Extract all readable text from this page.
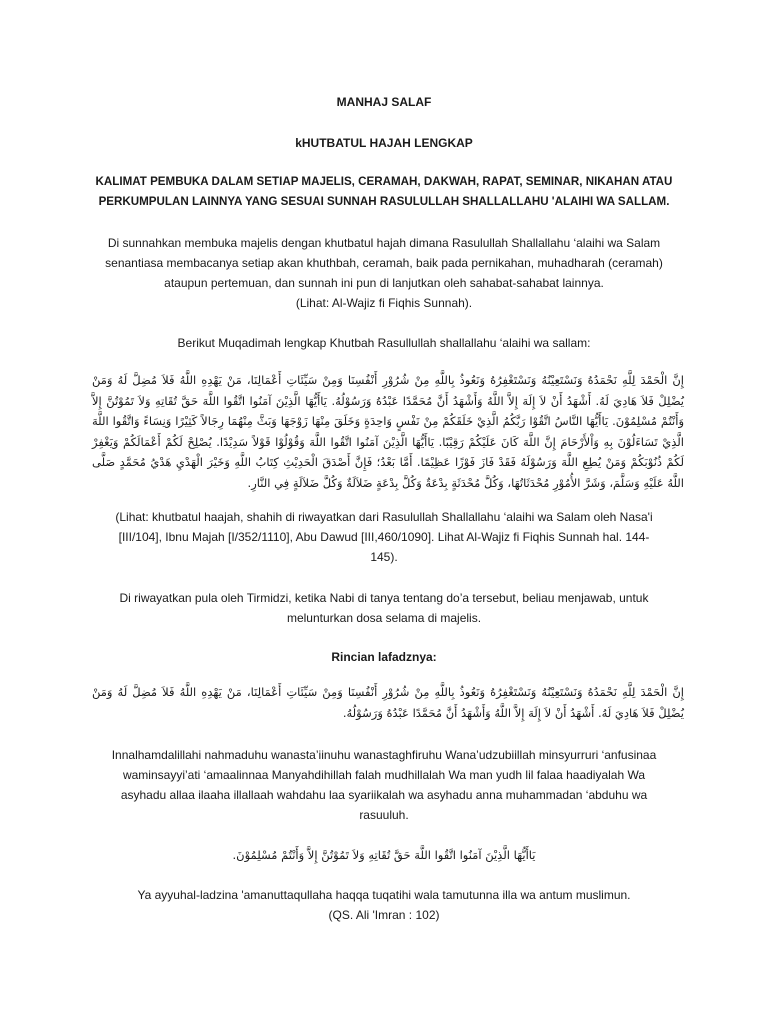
MANHAJ SALAF

kHUTBATUL HAJAH LENGKAP

KALIMAT PEMBUKA DALAM SETIAP MAJELIS, CERAMAH, DAKWAH, RAPAT, SEMINAR, NIKAHAN ATAU

PERKUMPULAN LAINNYA YANG SESUAI SUNNAH RASULULLAH SHALLALLAHU 'ALAIHI WA SALLAM.

Di sunnahkan membuka majelis dengan khutbatul hajah dimana Rasulullah Shallallahu ‘alaihi wa Salam

senantiasa membacanya setiap akan khuthbah, ceramah, baik pada pernikahan, muhadharah (ceramah)

ataupun pertemuan, dan sunnah ini pun di lanjutkan oleh sahabat-sahabat lainnya.

(Lihat: Al-Wajiz fi Fiqhis Sunnah).

Berikut Muqadimah lengkap Khutbah Rasullullah shallallahu ‘alaihi wa sallam:

إِنَّ الْحَمْدَ لِلَّهِ نَحْمَدُهُ وَنَسْتَعِيْنُهُ وَنَسْتَغْفِرُهُ وَنَعُوذُ بِاللَّهِ مِنْ شُرُوْرِ أَنْفُسِنَا وَمِنْ سَيِّئَاتِ أَعْمَالِنَا، مَنْ يَهْدِهِ اللَّهُ فَلاَ مُضِلَّ لَهُ وَمَنْ يُضْلِلْ فَلاَ هَادِيَ لَهُ. أَشْهَدُ أَنْ لاَ إِلَهَ إِلاَّ اللَّهُ وَأَشْهَدُ أَنَّ مُحَمَّدًا عَبْدُهُ وَرَسُوْلُهُ. يَاأَيُّهَا الَّذِيْنَ آمَنُوا اتَّقُوا اللَّهَ حَقَّ تُقَاتِهِ وَلاَ تَمُوْتُنَّ إِلاَّ وَأَنْتُمْ مُسْلِمُوْنَ. يَاأَيُّهَا النَّاسُ اتَّقُوْا رَبَّكُمُ الَّذِيْ خَلَقَكُمْ مِنْ نَفْسٍ وَاحِدَةٍ وَخَلَقَ مِنْهَا زَوْجَهَا وَبَثَّ مِنْهُمَا رِجَالاً كَثِيْرًا وَنِسَاءً وَاتَّقُوا اللَّهَ الَّذِيْ تَسَاءَلُوْنَ بِهِ وَاْلأَرْحَامَ إِنَّ اللَّهَ كَانَ عَلَيْكُمْ رَقِيْبًا. يَاأَيُّهَا الَّذِيْنَ آمَنُوا اتَّقُوا اللَّهَ وَقُوْلُوْا قَوْلاً سَدِيْدًا. يُصْلِحْ لَكُمْ أَعْمَالَكُمْ وَيَغْفِرْ لَكُمْ ذُنُوْبَكُمْ وَمَنْ يُطِعِ اللَّهَ وَرَسُوْلَهُ فَقَدْ فَازَ فَوْزًا عَظِيْمًا. أَمَّا بَعْدُ؛ فَإِنَّ أَصْدَقَ الْحَدِيْثِ كِتَابُ اللَّهِ وَخَيْرَ الْهَدْيِ هَدْيُ مُحَمَّدٍ صَلَّى اللَّهُ عَلَيْهِ وَسَلَّمَ، وَشَرَّ الأُمُوْرِ مُحْدَثَاتُهَا، وَكُلَّ مُحْدَثَةٍ بِدْعَةٌ وَكُلَّ بِدْعَةٍ ضَلاَلَةٌ وَكُلَّ ضَلاَلَةٍ فِي النَّارِ.

(Lihat: khutbatul haajah, shahih di riwayatkan dari Rasulullah Shallallahu ‘alaihi wa Salam oleh Nasa'i

[III/104], Ibnu Majah [I/352/1110], Abu Dawud [III,460/1090]. Lihat Al-Wajiz fi Fiqhis Sunnah hal. 144-

145).

Di riwayatkan pula oleh Tirmidzi, ketika Nabi di tanya tentang do’a tersebut, beliau menjawab, untuk

melunturkan dosa selama di majelis.

Rincian lafadznya:

إِنَّ الْحَمْدَ لِلَّهِ نَحْمَدُهُ وَنَسْتَعِيْنُهُ وَنَسْتَغْفِرُهُ وَنَعُوذُ بِاللَّهِ مِنْ شُرُوْرِ أَنْفُسِنَا وَمِنْ سَيِّئَاتِ أَعْمَالِنَا، مَنْ يَهْدِهِ اللَّهُ فَلاَ مُضِلَّ لَهُ وَمَنْ يُضْلِلْ فَلاَ هَادِيَ لَهُ. أَشْهَدُ أَنْ لاَ إِلَهَ إِلاَّ اللَّهُ وَأَشْهَدُ أَنَّ مُحَمَّدًا عَبْدُهُ وَرَسُوْلُهُ.

Innalhamdalillahi nahmaduhu wanasta’iinuhu wanastaghfiruhu Wana’udzubiillah minsyurruri ‘anfusinaa

waminsayyi’ati ‘amaalinnaa Manyahdihillah falah mudhillalah Wa man yudh lil falaa haadiyalah Wa

asyhadu allaa ilaaha illallaah wahdahu laa syariikalah wa asyhadu anna muhammadan ‘abduhu wa

rasuuluh.

يَاأَيُّهَا الَّذِيْنَ آمَنُوا اتَّقُوا اللَّهَ حَقَّ تُقَاتِهِ وَلاَ تَمُوْتُنَّ إِلاَّ وَأَنْتُمْ مُسْلِمُوْنَ.

Ya ayyuhal-ladzina 'amanuttaqullaha haqqa tuqatihi wala tamutunna illa wa antum muslimun.

(QS. Ali 'Imran : 102)
